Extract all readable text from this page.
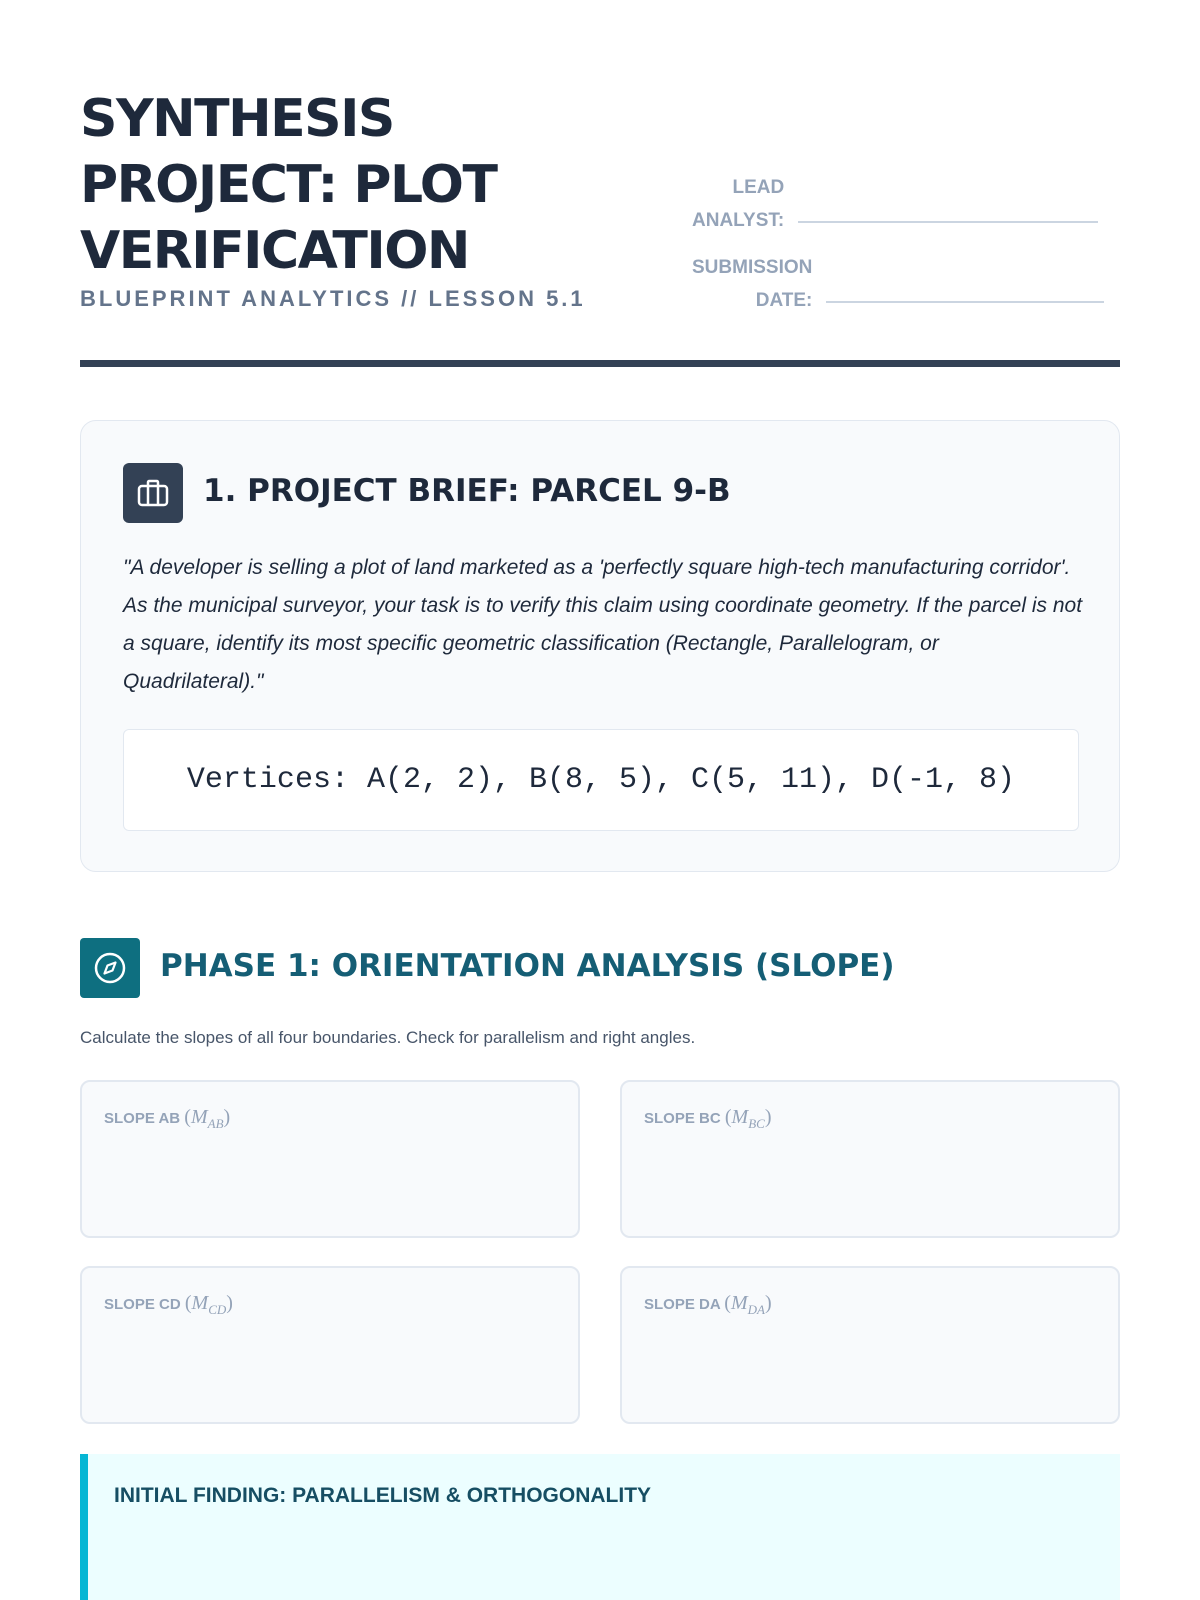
SYNTHESIS
PROJECT: PLOT
VERIFICATION
BLUEPRINT ANALYTICS // LESSON 5.1
LEAD
ANALYST:
SUBMISSION
DATE:
1. PROJECT BRIEF: PARCEL 9-B
"A developer is selling a plot of land marketed as a 'perfectly square high-tech manufacturing corridor'. As the municipal surveyor, your task is to verify this claim using coordinate geometry. If the parcel is not a square, identify its most specific geometric classification (Rectangle, Parallelogram, or Quadrilateral)."
Vertices: A(2, 2), B(8, 5), C(5, 11), D(-1, 8)
PHASE 1: ORIENTATION ANALYSIS (SLOPE)
Calculate the slopes of all four boundaries. Check for parallelism and right angles.
SLOPE AB $(M_{AB})$	SLOPE BC $(M_{BC})$
SLOPE CD $(M_{CD})$	SLOPE DA $(M_{DA})$
INITIAL FINDING: PARALLELISM & ORTHOGONALITY
